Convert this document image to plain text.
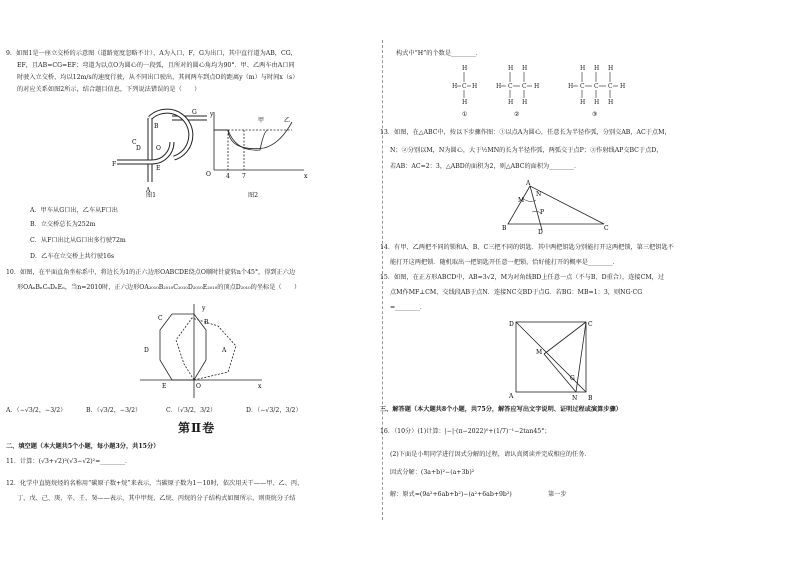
9．如图1是一座立交桥的示意图（道路宽度忽略不计），A为入口，F，G为出口，其中直行道为AB，CG，
EF，且AB=CG=EF；弯道为以点O为圆心的一段弧，且所对的圆心角均为90°．甲、乙两车由A口同
时驶入立交桥，均以12m/s的速度行驶，从不同出口驶出，其间两车到点O的距离y（m）与时间x（s）
的对应关系如图2所示，结合题目信息，下列说法错误的是（　　）
C
G
B
D	O
F
E
A
图1
y
甲	乙
O	4 7	x
图2
A．甲车从G口出，乙车从F口出
B．立交桥总长为252m
C．从F口出比从G口出多行驶72m
D．乙车在立交桥上共行驶16s
10．如图，在平面直角坐标系中，将边长为1的正六边形OABCDE绕点O顺时针旋转n个45°，得到正六边
形OAₙBₙCₙDₙEₙ，当n=2010时，正六边形OA₂₀₁₀B₂₀₁₀C₂₀₁₀D₂₀₁₀E₂₀₁₀的顶点D₂₀₁₀的坐标是（　　）
y
C
B
D	A
E	O	x
A．（−√3/2，−3/2）	B．（√3/2，−3/2）	C．（√3/2，3/2）	D．（−√3/2，3/2）
第Ⅱ卷
二、填空题（本大题共5个小题，每小题3分，共15分）
11．计算：(√3+√2)²(√3−√2)²=________．
12．化学中直链烷烃的名称用“碳原子数+烷”来表示，当碳原子数为1～10时，依次用天干——甲、乙、丙、
丁、戊、己、庚、辛、壬、癸——表示，其中甲烷、乙烷、丙烷的分子结构式如图所示，则庚烷分子结
构式中“H”的个数是________．
H
H C H
H
H H
H C C H
H H
H H H
H C C C H
H H H
①	②	③
13．如图，在△ABC中，按以下步骤作图：①以点A为圆心，任意长为半径作弧，分别交AB，AC于点M，
N；②分别以M，N为圆心，大于½MN的长为半径作弧，两弧交于点P；③作射线AP交BC于点D，
若AB：AC=2：3，△ABD的面积为2，则△ABC的面积为________．
A
M
N
P
B
D
C
14．有甲、乙两把不同的锁和A、B、C三把不同的钥匙．其中两把钥匙分别能打开这两把锁，第三把钥匙不
能打开这两把锁．随机取出一把钥匙开任意一把锁，恰好能打开的概率是________．
15．如图，在正方形ABCD中，AB=3√2，M为对角线BD上任意一点（不与B、D重合），连接CM，过
点M作MF⊥CM，交线段AB于点N．连接NC交BD于点G．若BG：MB=1：3，则NG·CG
=________．
D	C
M
G
A	N B
三、解答题（本大题共8个小题，共75分，解答应写出文字说明、证明过程或演算步骤）
16．（10分）(1)计算：|−|·(π−2022)⁰+(1/7)⁻¹−2tan45°；
(2)下面是小明同学进行因式分解的过程，请认真阅读并完成相应的任务．
因式分解：(3a+b)²−(a+3b)²
解：原式=(9a²+6ab+b²)−(a²+6ab+9b²)	第一步
